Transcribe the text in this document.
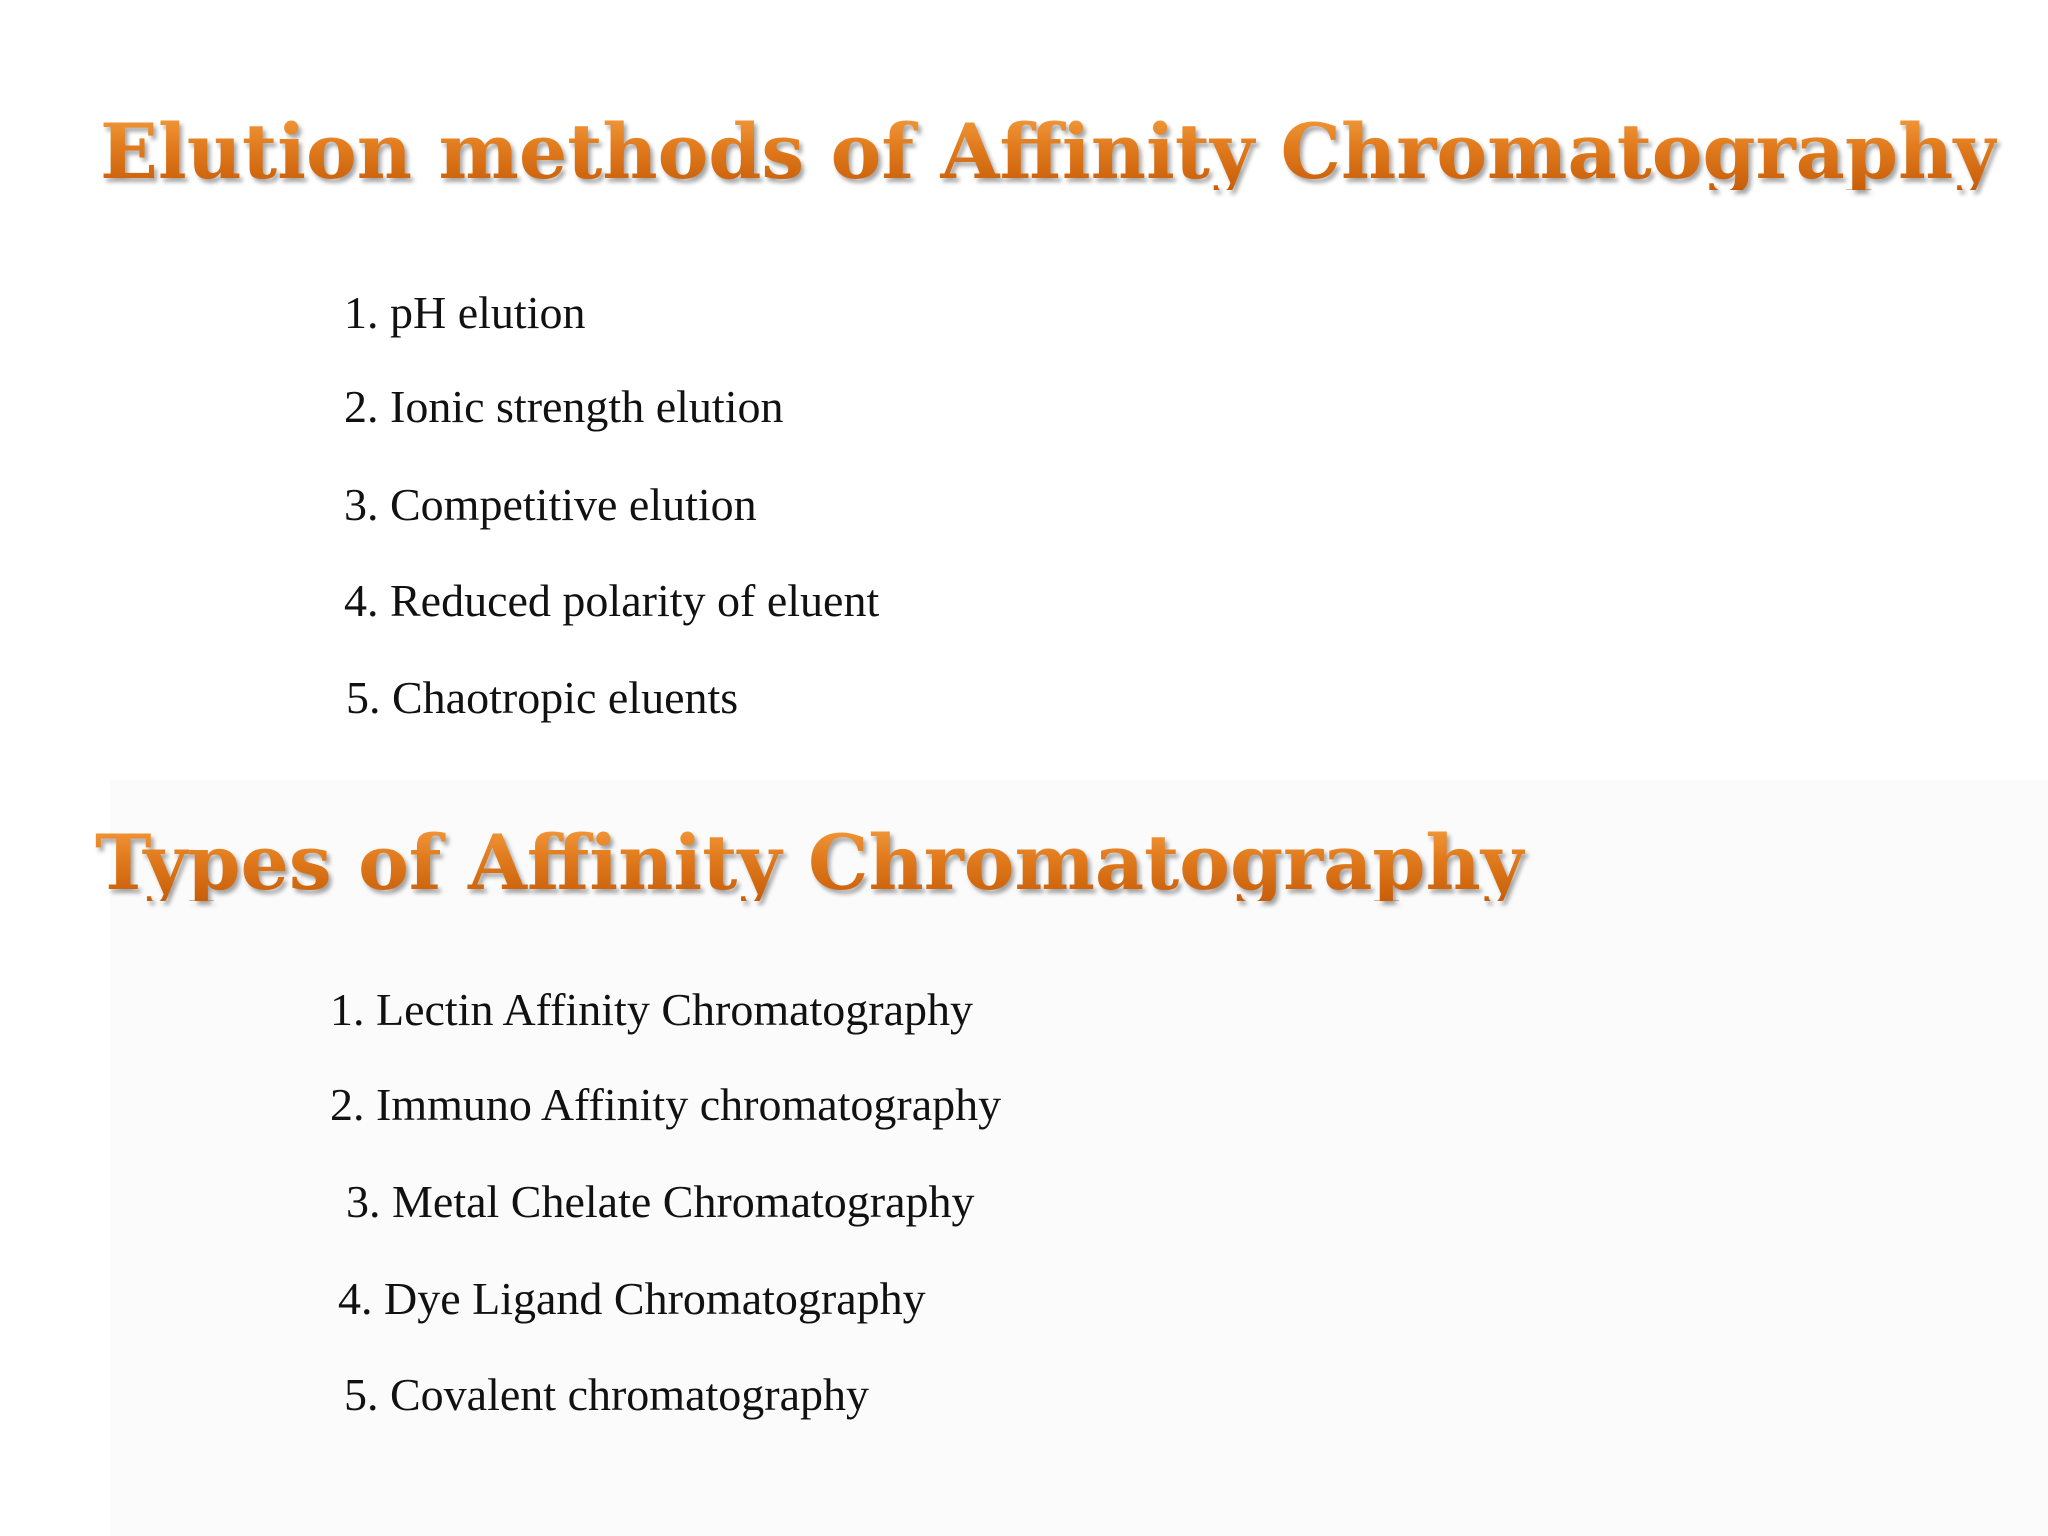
Elution methods of Affinity Chromatography

1. pH elution

2. Ionic strength elution

3. Competitive elution

4. Reduced polarity of eluent

5. Chaotropic eluents

Types of Affinity Chromatography

1. Lectin Affinity Chromatography

2. Immuno Affinity chromatography

3. Metal Chelate Chromatography

4. Dye Ligand Chromatography

5. Covalent chromatography
